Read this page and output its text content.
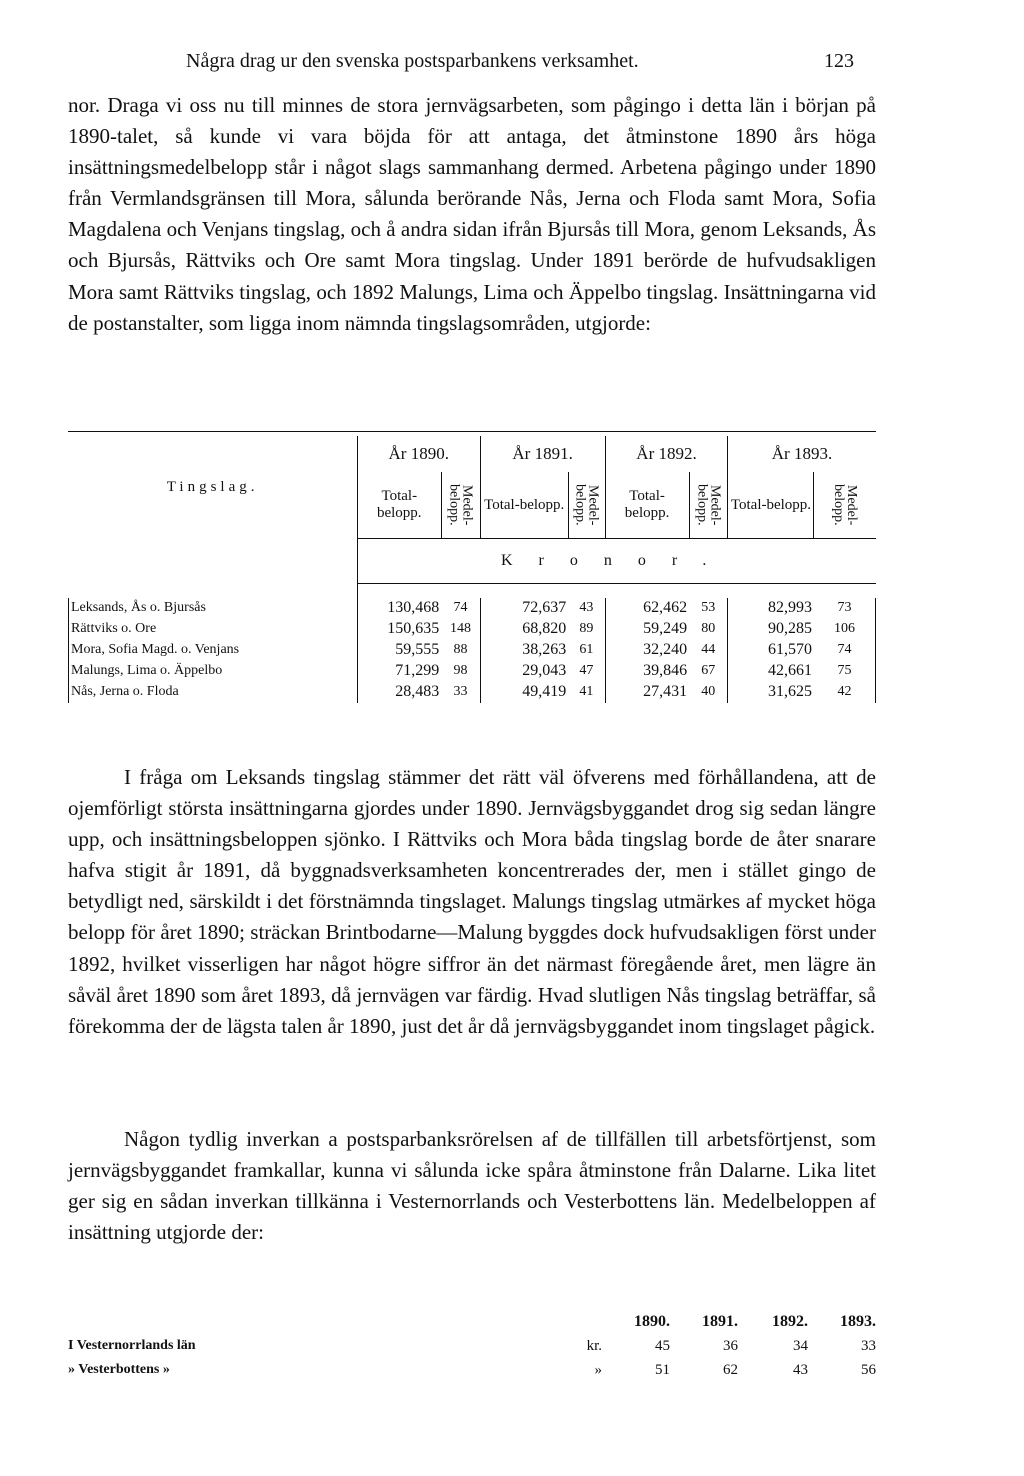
Några drag ur den svenska postsparbankens verksamhet.	123
nor. Draga vi oss nu till minnes de stora jernvägsarbeten, som pågingo i detta län i början på 1890-talet, så kunde vi vara böjda för att antaga, det åtminstone 1890 års höga insättningsmedelbelopp står i något slags sammanhang dermed. Arbetena pågingo under 1890 från Vermlandsgränsen till Mora, sålunda berörande Nås, Jerna och Floda samt Mora, Sofia Magdalena och Venjans tingslag, och å andra sidan ifrån Bjursås till Mora, genom Leksands, Ås och Bjursås, Rättviks och Ore samt Mora tingslag. Under 1891 berörde de hufvudsakligen Mora samt Rättviks tingslag, och 1892 Malungs, Lima och Äppelbo tingslag. Insättningarna vid de postanstalter, som ligga inom nämnda tingslagsområden, utgjorde:
Tingslag.	År 1890.		År 1891.		År 1892.		År 1893.	
	Total-belopp.	Medel-belopp.	Total-belopp.	Medel-belopp.	Total-belopp.	Medel-belopp.	Total-belopp.	Medel-belopp.

	Kronor.							

Leksands, Ås o. Bjursås	130,468	74	72,637	43	62,462	53	82,993	73
Rättviks o. Ore	150,635	148	68,820	89	59,249	80	90,285	106
Mora, Sofia Magd. o. Venjans	59,555	88	38,263	61	32,240	44	61,570	74
Malungs, Lima o. Äppelbo	71,299	98	29,043	47	39,846	67	42,661	75
Nås, Jerna o. Floda	28,483	33	49,419	41	27,431	40	31,625	42
I fråga om Leksands tingslag stämmer det rätt väl öfverens med förhållandena, att de ojemförligt största insättningarna gjordes under 1890. Jernvägsbyggandet drog sig sedan längre upp, och insättningsbeloppen sjönko. I Rättviks och Mora båda tingslag borde de åter snarare hafva stigit år 1891, då byggnadsverksamheten koncentrerades der, men i stället gingo de betydligt ned, särskildt i det förstnämnda tingslaget. Malungs tingslag utmärkes af mycket höga belopp för året 1890; sträckan Brintbodarne—Malung byggdes dock hufvudsakligen först under 1892, hvilket visserligen har något högre siffror än det närmast föregående året, men lägre än såväl året 1890 som året 1893, då jernvägen var färdig. Hvad slutligen Nås tingslag beträffar, så förekomma der de lägsta talen år 1890, just det år då jernvägsbyggandet inom tingslaget pågick.
Någon tydlig inverkan a postsparbanksrörelsen af de tillfällen till arbetsförtjenst, som jernvägsbyggandet framkallar, kunna vi sålunda icke spåra åtminstone från Dalarne. Lika litet ger sig en sådan inverkan tillkänna i Vesternorrlands och Vesterbottens län. Medelbeloppen af insättning utgjorde der:
		1890.	1891.	1892.	1893.
I Vesternorrlands län	kr.	45	36	34	33
» Vesterbottens »	»	51	62	43	56
